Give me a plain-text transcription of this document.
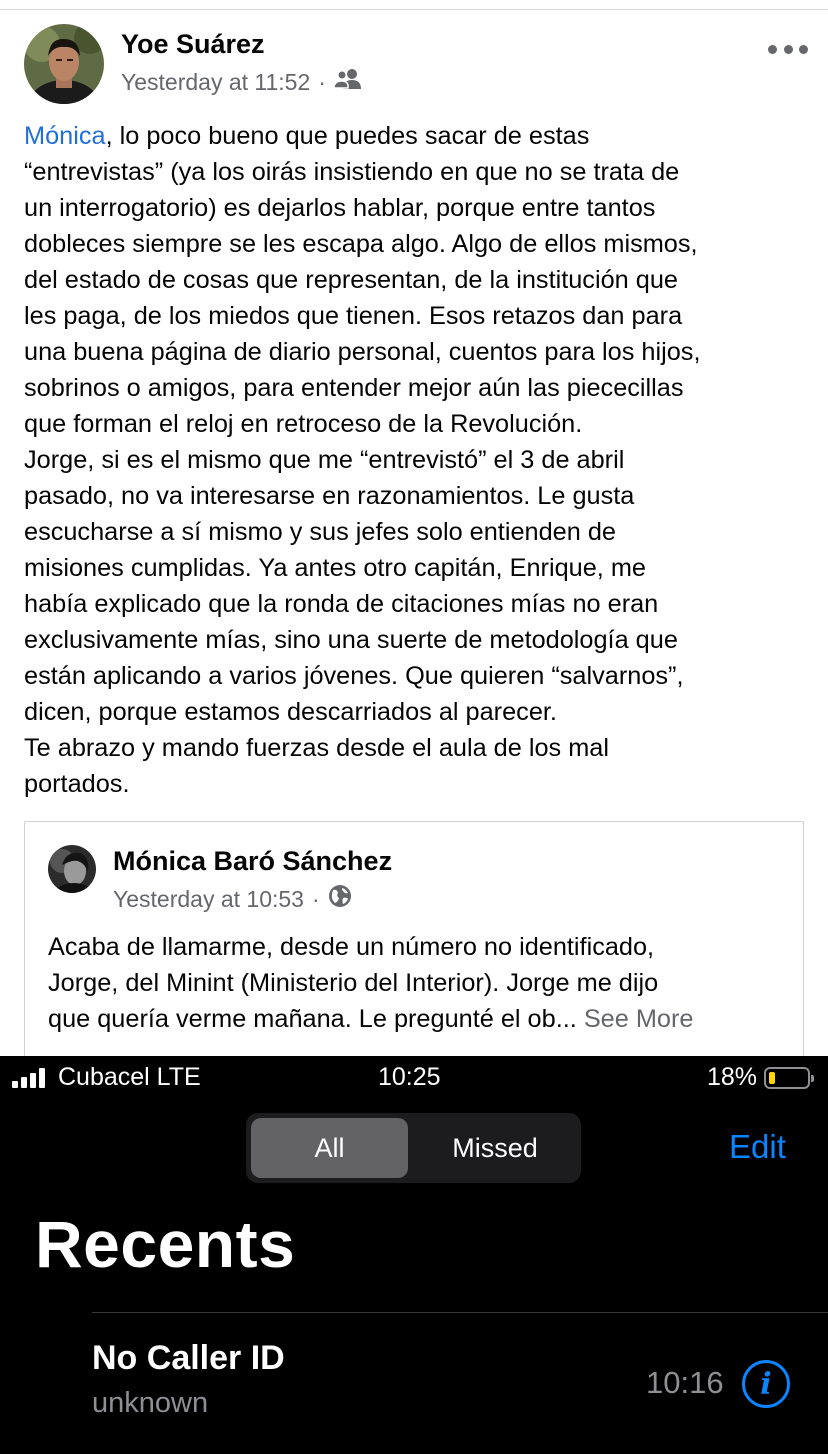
Yoe Suárez
Yesterday at 11:52 ·

Mónica, lo poco bueno que puedes sacar de estas

“entrevistas” (ya los oirás insistiendo en que no se trata de

un interrogatorio) es dejarlos hablar, porque entre tantos

dobleces siempre se les escapa algo. Algo de ellos mismos,

del estado de cosas que representan, de la institución que

les paga, de los miedos que tienen. Esos retazos dan para

una buena página de diario personal, cuentos para los hijos,

sobrinos o amigos, para entender mejor aún las piececillas

que forman el reloj en retroceso de la Revolución.

Jorge, si es el mismo que me “entrevistó” el 3 de abril

pasado, no va interesarse en razonamientos. Le gusta

escucharse a sí mismo y sus jefes solo entienden de

misiones cumplidas. Ya antes otro capitán, Enrique, me

había explicado que la ronda de citaciones mías no eran

exclusivamente mías, sino una suerte de metodología que

están aplicando a varios jóvenes. Que quieren “salvarnos”,

dicen, porque estamos descarriados al parecer.

Te abrazo y mando fuerzas desde el aula de los mal

portados.

Mónica Baró Sánchez
Yesterday at 10:53 ·

Acaba de llamarme, desde un número no identificado,

Jorge, del Minint (Ministerio del Interior). Jorge me dijo

que quería verme mañana. Le pregunté el ob... See More

Cubacel LTE	10:25	18%
All	Missed	Edit
Recents
No Caller ID
unknown
10:16	i
